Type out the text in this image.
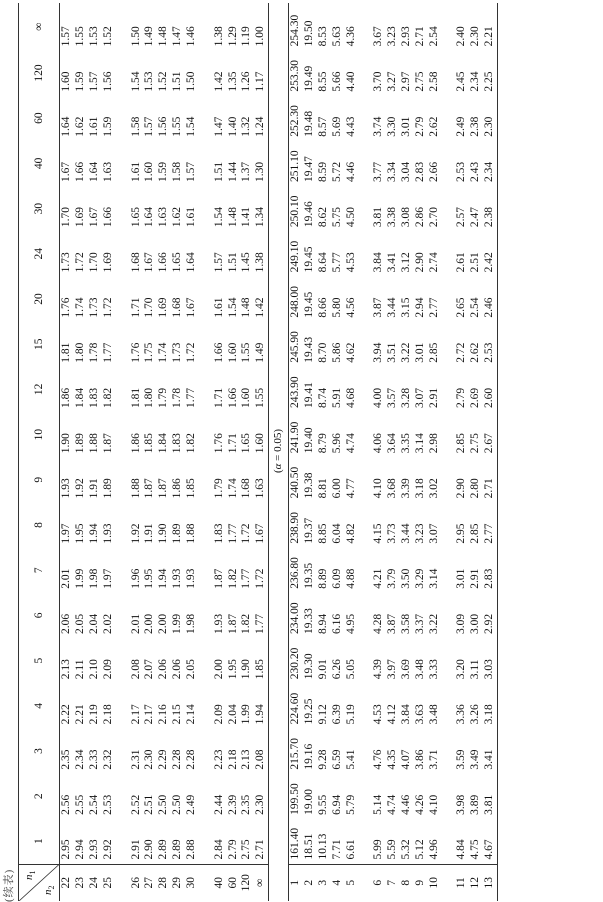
(续表) $n_1$
$n_2$	1	2	3	4	5	6	7	8	9	10	12	15	20	24	30	40	60	120	∞
22	2.95	2.56	2.35	2.22	2.13	2.06	2.01	1.97	1.93	1.90	1.86	1.81	1.76	1.73	1.70	1.67	1.64	1.60	1.57
23	2.94	2.55	2.34	2.21	2.11	2.05	1.99	1.95	1.92	1.89	1.84	1.80	1.74	1.72	1.69	1.66	1.62	1.59	1.55
24	2.93	2.54	2.33	2.19	2.10	2.04	1.98	1.94	1.91	1.88	1.83	1.78	1.73	1.70	1.67	1.64	1.61	1.57	1.53
25	2.92	2.53	2.32	2.18	2.09	2.02	1.97	1.93	1.89	1.87	1.82	1.77	1.72	1.69	1.66	1.63	1.59	1.56	1.52

26	2.91	2.52	2.31	2.17	2.08	2.01	1.96	1.92	1.88	1.86	1.81	1.76	1.71	1.68	1.65	1.61	1.58	1.54	1.50
27	2.90	2.51	2.30	2.17	2.07	2.00	1.95	1.91	1.87	1.85	1.80	1.75	1.70	1.67	1.64	1.60	1.57	1.53	1.49
28	2.89	2.50	2.29	2.16	2.06	2.00	1.94	1.90	1.87	1.84	1.79	1.74	1.69	1.66	1.63	1.59	1.56	1.52	1.48
29	2.89	2.50	2.28	2.15	2.06	1.99	1.93	1.89	1.86	1.83	1.78	1.73	1.68	1.65	1.62	1.58	1.55	1.51	1.47
30	2.88	2.49	2.28	2.14	2.05	1.98	1.93	1.88	1.85	1.82	1.77	1.72	1.67	1.64	1.61	1.57	1.54	1.50	1.46

40	2.84	2.44	2.23	2.09	2.00	1.93	1.87	1.83	1.79	1.76	1.71	1.66	1.61	1.57	1.54	1.51	1.47	1.42	1.38
60	2.79	2.39	2.18	2.04	1.95	1.87	1.82	1.77	1.74	1.71	1.66	1.60	1.54	1.51	1.48	1.44	1.40	1.35	1.29
120	2.75	2.35	2.13	1.99	1.90	1.82	1.77	1.72	1.68	1.65	1.60	1.55	1.48	1.45	1.41	1.37	1.32	1.26	1.19
∞	2.71	2.30	2.08	1.94	1.85	1.77	1.72	1.67	1.63	1.60	1.55	1.49	1.42	1.38	1.34	1.30	1.24	1.17	1.00
(α = 0.05)																			
1	161.40	199.50	215.70	224.60	230.20	234.00	236.80	238.90	240.50	241.90	243.90	245.90	248.00	249.10	250.10	251.10	252.30	253.30	254.30
2	18.51	19.00	19.16	19.25	19.30	19.33	19.35	19.37	19.38	19.40	19.41	19.43	19.45	19.45	19.46	19.47	19.48	19.49	19.50
3	10.13	9.55	9.28	9.12	9.01	8.94	8.89	8.85	8.81	8.79	8.74	8.70	8.66	8.64	8.62	8.59	8.57	8.55	8.53
4	7.71	6.94	6.59	6.39	6.26	6.16	6.09	6.04	6.00	5.96	5.91	5.86	5.80	5.77	5.75	5.72	5.69	5.66	5.63
5	6.61	5.79	5.41	5.19	5.05	4.95	4.88	4.82	4.77	4.74	4.68	4.62	4.56	4.53	4.50	4.46	4.43	4.40	4.36

6	5.99	5.14	4.76	4.53	4.39	4.28	4.21	4.15	4.10	4.06	4.00	3.94	3.87	3.84	3.81	3.77	3.74	3.70	3.67
7	5.59	4.74	4.35	4.12	3.97	3.87	3.79	3.73	3.68	3.64	3.57	3.51	3.44	3.41	3.38	3.34	3.30	3.27	3.23
8	5.32	4.46	4.07	3.84	3.69	3.58	3.50	3.44	3.39	3.35	3.28	3.22	3.15	3.12	3.08	3.04	3.01	2.97	2.93
9	5.12	4.26	3.86	3.63	3.48	3.37	3.29	3.23	3.18	3.14	3.07	3.01	2.94	2.90	2.86	2.83	2.79	2.75	2.71
10	4.96	4.10	3.71	3.48	3.33	3.22	3.14	3.07	3.02	2.98	2.91	2.85	2.77	2.74	2.70	2.66	2.62	2.58	2.54

11	4.84	3.98	3.59	3.36	3.20	3.09	3.01	2.95	2.90	2.85	2.79	2.72	2.65	2.61	2.57	2.53	2.49	2.45	2.40
12	4.75	3.89	3.49	3.26	3.11	3.00	2.91	2.85	2.80	2.75	2.69	2.62	2.54	2.51	2.47	2.43	2.38	2.34	2.30
13	4.67	3.81	3.41	3.18	3.03	2.92	2.83	2.77	2.71	2.67	2.60	2.53	2.46	2.42	2.38	2.34	2.30	2.25	2.21
